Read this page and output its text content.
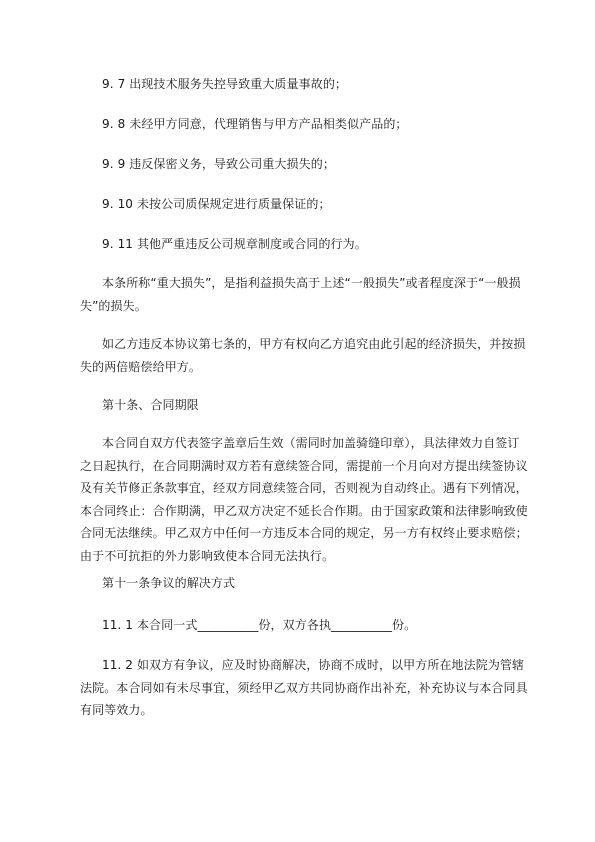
9. 7 出现技术服务失控导致重大质量事故的；

9. 8 未经甲方同意，代理销售与甲方产品相类似产品的；

9. 9 违反保密义务，导致公司重大损失的；

9. 10 未按公司质保规定进行质量保证的；

9. 11 其他严重违反公司规章制度或合同的行为。

本条所称“重大损失”，是指利益损失高于上述“一般损失”或者程度深于“一般损
失”的损失。

如乙方违反本协议第七条的，甲方有权向乙方追究由此引起的经济损失，并按损
失的两倍赔偿给甲方。

第十条、合同期限

本合同自双方代表签字盖章后生效（需同时加盖骑缝印章），具法律效力自签订
之日起执行，在合同期满时双方若有意续签合同，需提前一个月向对方提出续签协议
及有关节修正条款事宜，经双方同意续签合同，否则视为自动终止。遇有下列情况，
本合同终止：合作期满，甲乙双方决定不延长合作期。由于国家政策和法律影响致使
合同无法继续。甲乙双方中任何一方违反本合同的规定，另一方有权终止要求赔偿；
由于不可抗拒的外力影响致使本合同无法执行。

第十一条争议的解决方式

11. 1 本合同一式__________份，双方各执__________份。

11. 2 如双方有争议，应及时协商解决，协商不成时，以甲方所在地法院为管辖
法院。本合同如有未尽事宜，须经甲乙双方共同协商作出补充，补充协议与本合同具
有同等效力。
